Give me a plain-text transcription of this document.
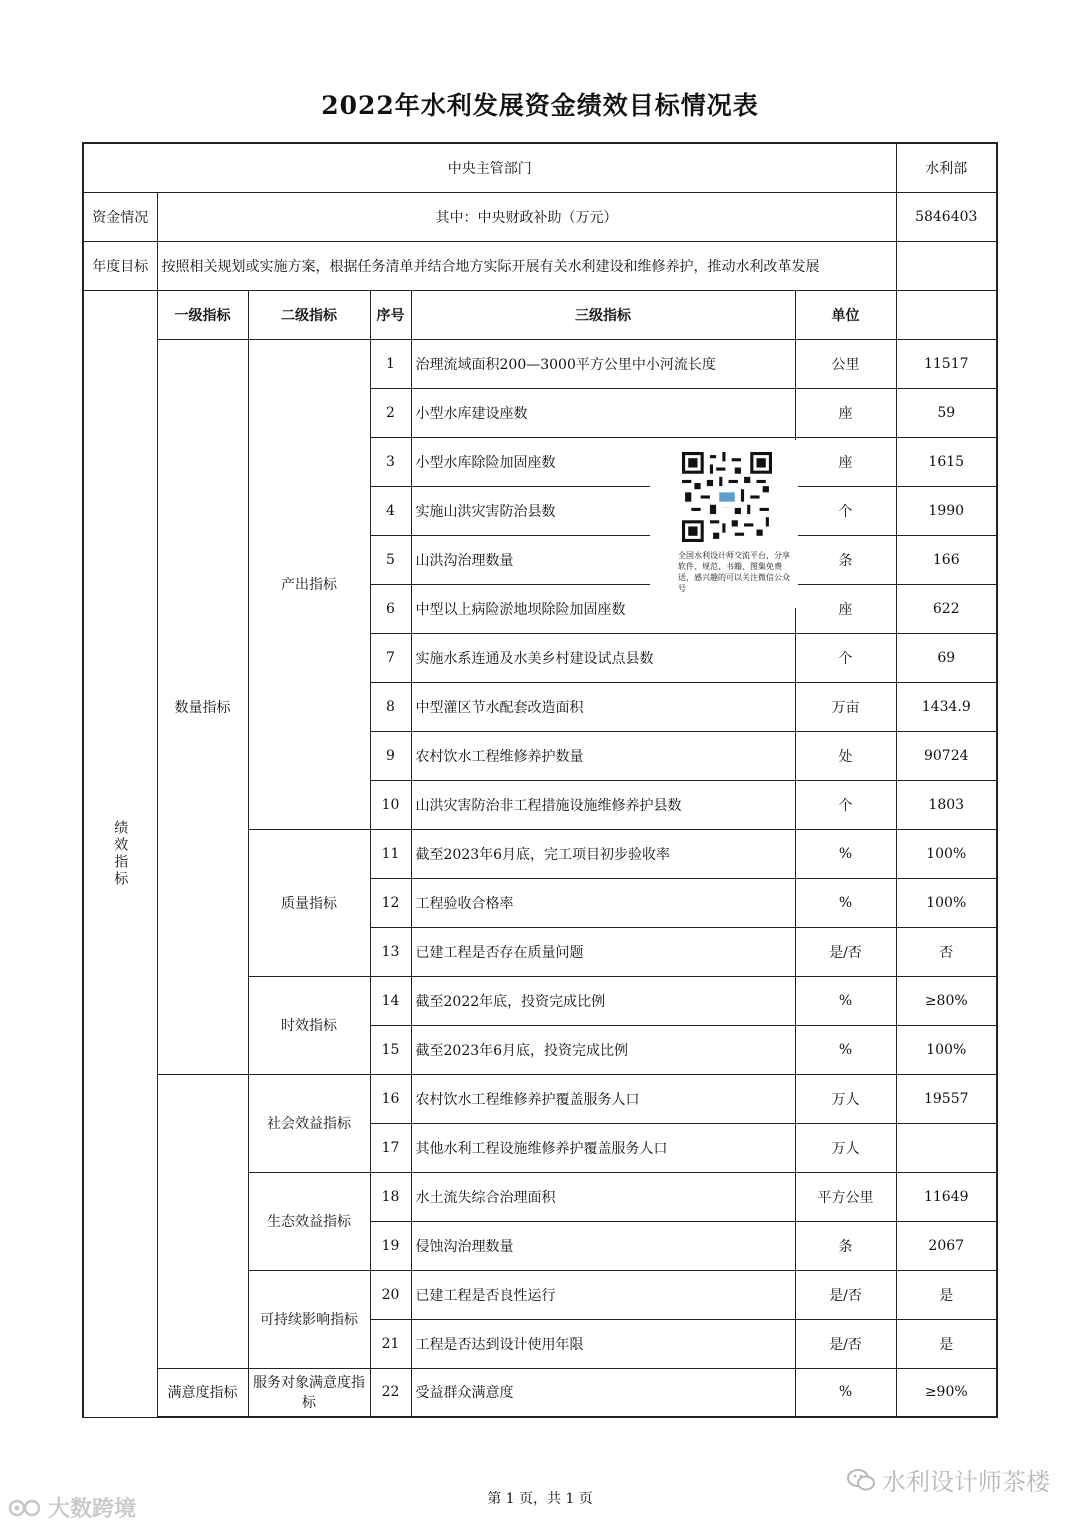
2022年水利发展资金绩效目标情况表
中央主管部门						水利部
资金情况	其中：中央财政补助（万元）					5846403
年度目标	按照相关规划或实施方案，根据任务清单并结合地方实际开展有关水利建设和维修养护，推动水利改革发展					

绩效指标	一级指标	二级指标	序号	三级指标	单位	
	数量指标	产出指标	1	治理流域面积200—3000平方公里中小河流长度	公里	11517
			2	小型水库建设座数	座	59
			3	小型水库除险加固座数	座	1615
			4	实施山洪灾害防治县数	个	1990
			5	山洪沟治理数量	条	166
			6	中型以上病险淤地坝除险加固座数	座	622
			7	实施水系连通及水美乡村建设试点县数	个	69
			8	中型灌区节水配套改造面积	万亩	1434.9
			9	农村饮水工程维修养护数量	处	90724
			10	山洪灾害防治非工程措施设施维修养护县数	个	1803
		质量指标	11	截至2023年6月底，完工项目初步验收率	%	100%
			12	工程验收合格率	%	100%
			13	已建工程是否存在质量问题	是/否	否
		时效指标	14	截至2022年底，投资完成比例	%	≥80%
			15	截至2023年6月底，投资完成比例	%	100%
		社会效益指标	16	农村饮水工程维修养护覆盖服务人口	万人	19557
			17	其他水利工程设施维修养护覆盖服务人口	万人	
		生态效益指标	18	水土流失综合治理面积	平方公里	11649
			19	侵蚀沟治理数量	条	2067
		可持续影响指标	20	已建工程是否良性运行	是/否	是
			21	工程是否达到设计使用年限	是/否	是
	满意度指标	服务对象满意度指标	22	受益群众满意度	%	≥90%
全国水利设计师交流平台，分享软件、规范、书籍、图集免费送，感兴趣的可以关注微信公众号
第 1 页，共 1 页
水利设计师茶楼
大数跨境
